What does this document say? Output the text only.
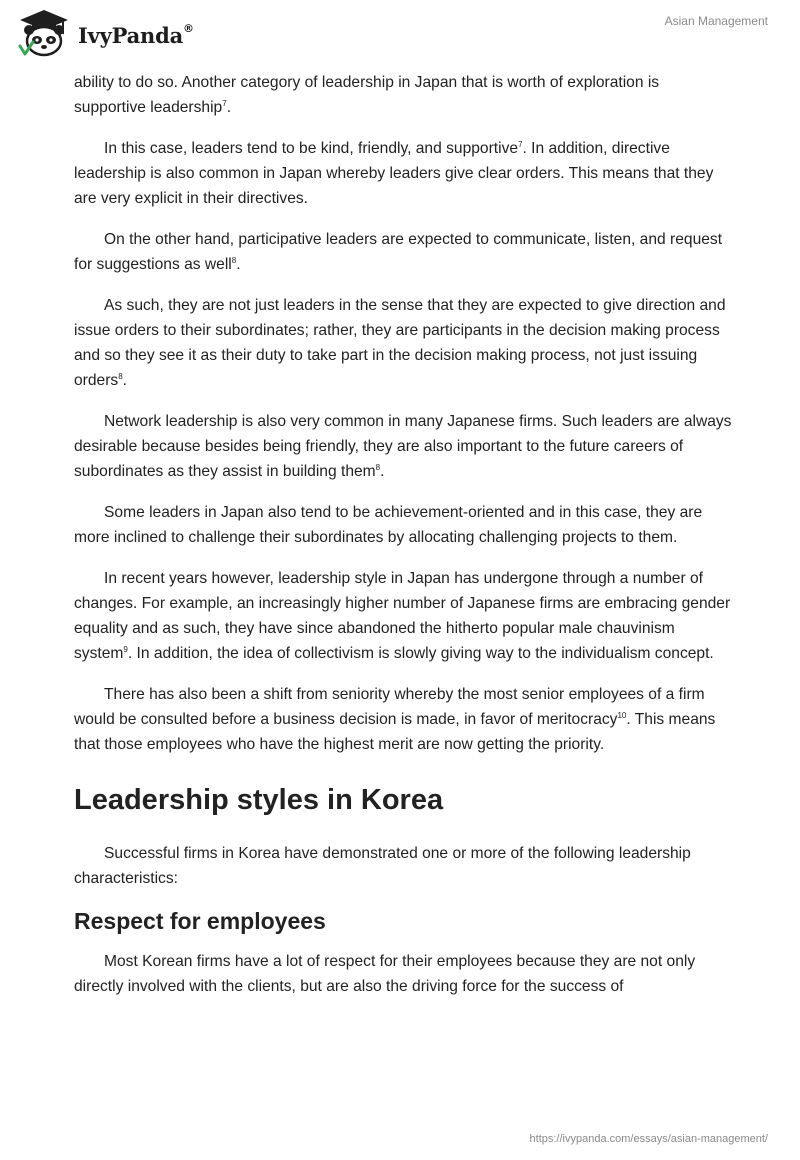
IvyPanda®	Asian Management

ability to do so. Another category of leadership in Japan that is worth of exploration is supportive leadership$^7$.

In this case, leaders tend to be kind, friendly, and supportive$^7$. In addition, directive leadership is also common in Japan whereby leaders give clear orders. This means that they are very explicit in their directives.

On the other hand, participative leaders are expected to communicate, listen, and request for suggestions as well$^8$.

As such, they are not just leaders in the sense that they are expected to give direction and issue orders to their subordinates; rather, they are participants in the decision making process and so they see it as their duty to take part in the decision making process, not just issuing orders$^8$.

Network leadership is also very common in many Japanese firms. Such leaders are always desirable because besides being friendly, they are also important to the future careers of subordinates as they assist in building them$^8$.

Some leaders in Japan also tend to be achievement-oriented and in this case, they are more inclined to challenge their subordinates by allocating challenging projects to them.

In recent years however, leadership style in Japan has undergone through a number of changes. For example, an increasingly higher number of Japanese firms are embracing gender equality and as such, they have since abandoned the hitherto popular male chauvinism system$^9$. In addition, the idea of collectivism is slowly giving way to the individualism concept.

There has also been a shift from seniority whereby the most senior employees of a firm would be consulted before a business decision is made, in favor of meritocracy$^{10}$. This means that those employees who have the highest merit are now getting the priority.

Leadership styles in Korea

Successful firms in Korea have demonstrated one or more of the following leadership characteristics:

Respect for employees

Most Korean firms have a lot of respect for their employees because they are not only directly involved with the clients, but are also the driving force for the success of

https://ivypanda.com/essays/asian-management/
